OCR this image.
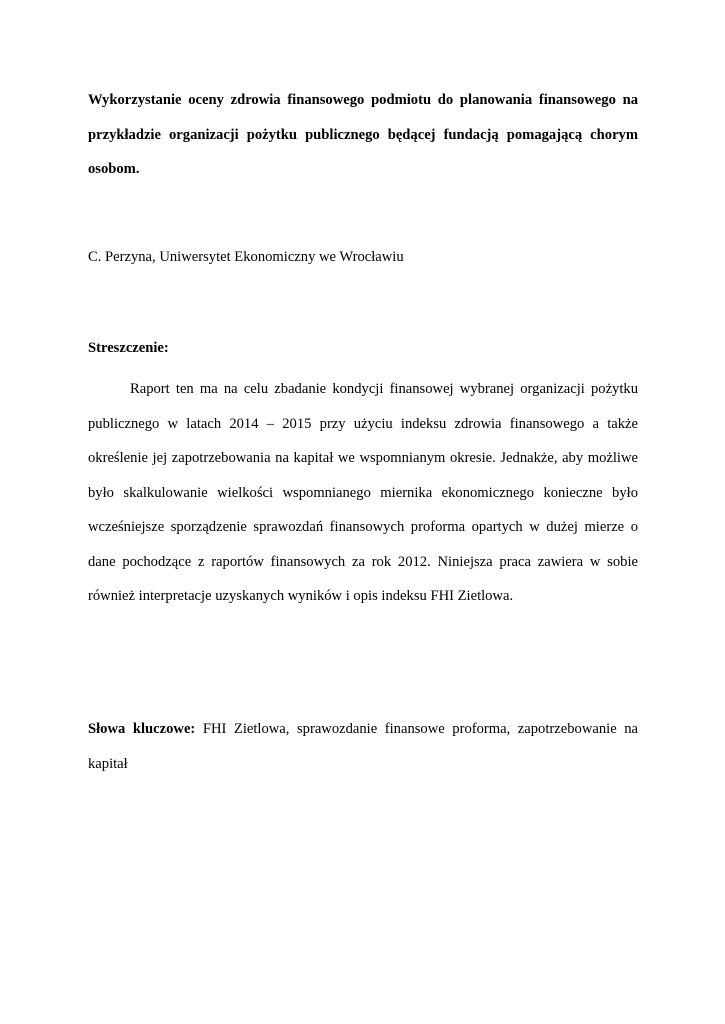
Wykorzystanie oceny zdrowia finansowego podmiotu do planowania finansowego na przykładzie organizacji pożytku publicznego będącej fundacją pomagającą chorym osobom.

C. Perzyna, Uniwersytet Ekonomiczny we Wrocławiu

Streszczenie:

Raport ten ma na celu zbadanie kondycji finansowej wybranej organizacji pożytku publicznego w latach 2014 – 2015 przy użyciu indeksu zdrowia finansowego a także określenie jej zapotrzebowania na kapitał we wspomnianym okresie. Jednakże, aby możliwe było skalkulowanie wielkości wspomnianego miernika ekonomicznego konieczne było wcześniejsze sporządzenie sprawozdań finansowych proforma opartych w dużej mierze o dane pochodzące z raportów finansowych za rok 2012. Niniejsza praca zawiera w sobie również interpretacje uzyskanych wyników i opis indeksu FHI Zietlowa.

Słowa kluczowe: FHI Zietlowa, sprawozdanie finansowe proforma, zapotrzebowanie na kapitał
